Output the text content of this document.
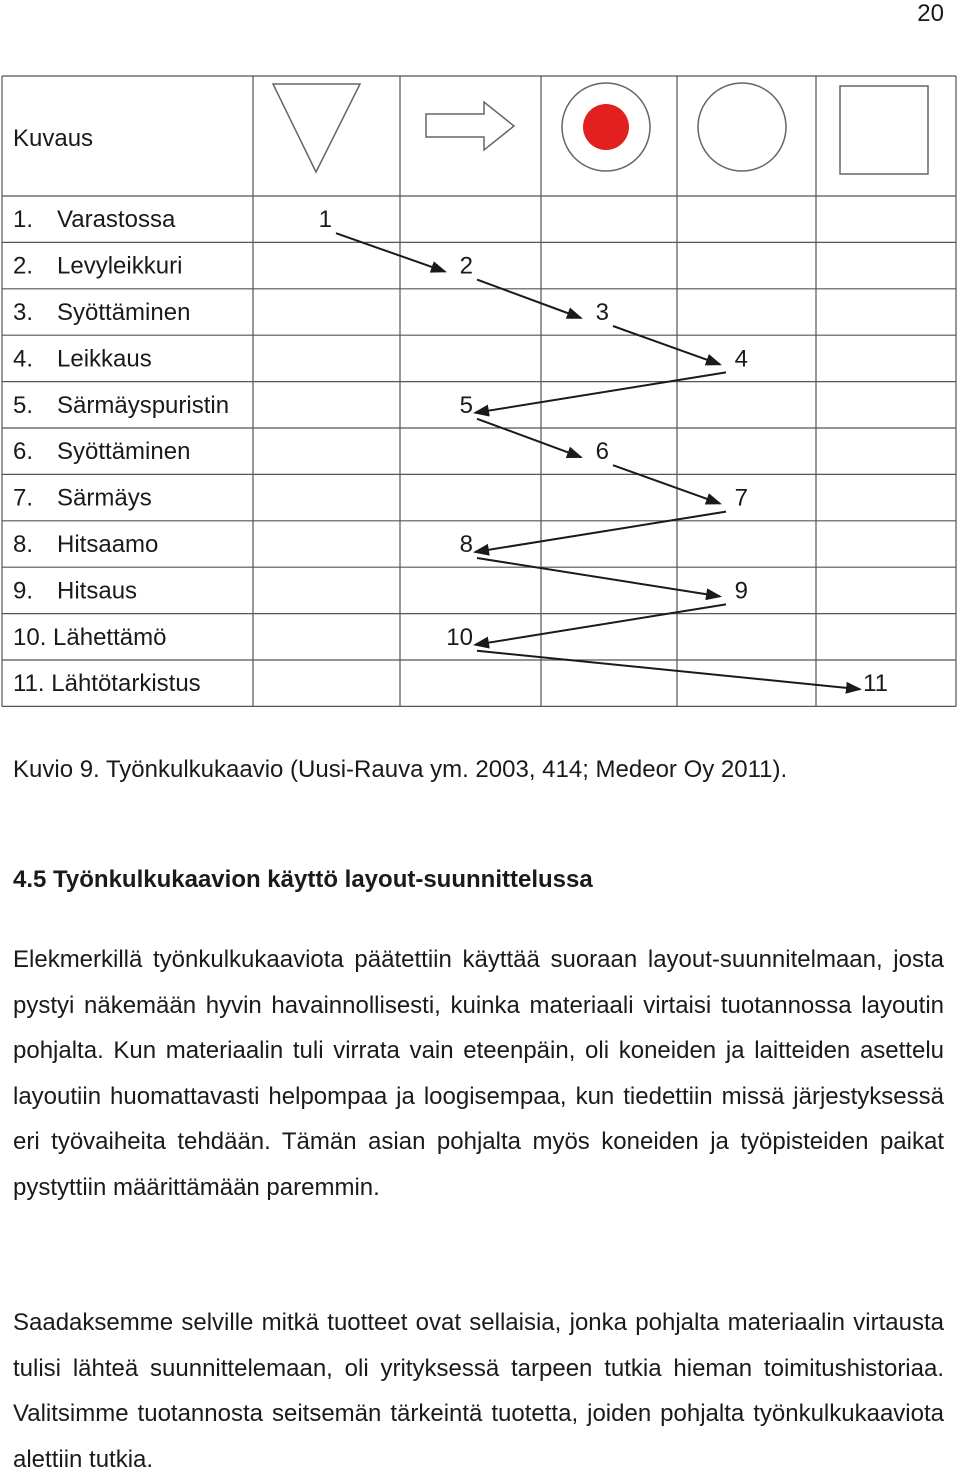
20
Kuvaus
1. Varastossa
2. Levyleikkuri
3. Syöttäminen
4. Leikkaus
5. Särmäyspuristin
6. Syöttäminen
7. Särmäys
8. Hitsaamo
9. Hitsaus
10. Lähettämö
11. Lähtötarkistus
1
2
3
4
5
6
7
8
9
10
11

Kuvio 9. Työnkulkukaavio (Uusi-Rauva ym. 2003, 414; Medeor Oy 2011).

4.5 Työnkulkukaavion käyttö layout-suunnittelussa

Elekmerkillä työnkulkukaaviota päätettiin käyttää suoraan layout-suunnitelmaan, josta pystyi näkemään hyvin havainnollisesti, kuinka materiaali virtaisi tuotannossa layoutin pohjalta. Kun materiaalin tuli virrata vain eteenpäin, oli koneiden ja laitteiden asettelu layoutiin huomattavasti helpompaa ja loogisempaa, kun tiedettiin missä järjestyksessä eri työvaiheita tehdään. Tämän asian pohjalta myös koneiden ja työpisteiden paikat pystyttiin määrittämään paremmin.

Saadaksemme selville mitkä tuotteet ovat sellaisia, jonka pohjalta materiaalin virtausta tulisi lähteä suunnittelemaan, oli yrityksessä tarpeen tutkia hieman toimitushistoriaa. Valitsimme tuotannosta seitsemän tärkeintä tuotetta, joiden pohjalta työnkulkukaaviota alettiin tutkia.
